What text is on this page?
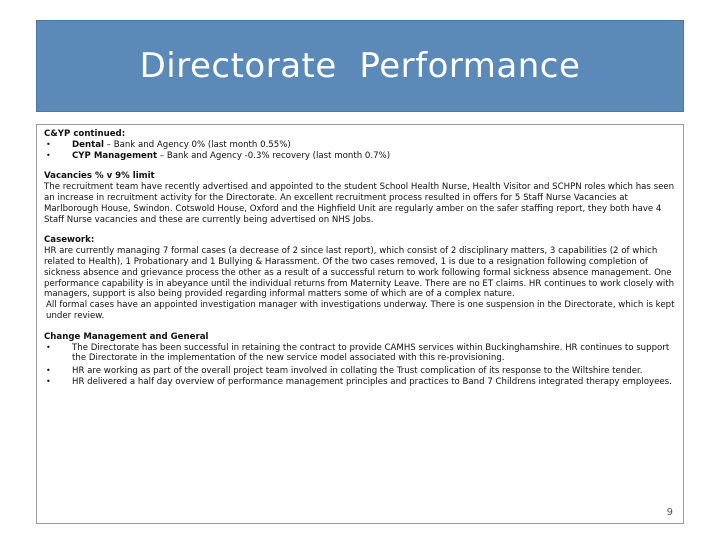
Directorate  Performance
C&YP continued:
• Dental – Bank and Agency 0% (last month 0.55%)
• CYP Management – Bank and Agency -0.3% recovery (last month 0.7%)
Vacancies % v 9% limit

The recruitment team have recently advertised and appointed to the student School Health Nurse, Health Visitor and SCHPN roles which has seen an increase in recruitment activity for the Directorate. An excellent recruitment process resulted in offers for 5 Staff Nurse Vacancies at Marlborough House, Swindon. Cotswold House, Oxford and the Highfield Unit are regularly amber on the safer staffing report, they both have 4 Staff Nurse vacancies and these are currently being advertised on NHS Jobs.

Casework:

HR are currently managing 7 formal cases (a decrease of 2 since last report), which consist of 2 disciplinary matters, 3 capabilities (2 of which related to Health), 1 Probationary and 1 Bullying & Harassment. Of the two cases removed, 1 is due to a resignation following completion of sickness absence and grievance process the other as a result of a successful return to work following formal sickness absence management. One performance capability is in abeyance until the individual returns from Maternity Leave. There are no ET claims. HR continues to work closely with managers, support is also being provided regarding informal matters some of which are of a complex nature.

All formal cases have an appointed investigation manager with investigations underway. There is one suspension in the Directorate, which is kept under review.

Change Management and General
• The Directorate has been successful in retaining the contract to provide CAMHS services within Buckinghamshire. HR continues to support the Directorate in the implementation of the new service model associated with this re-provisioning.
• HR are working as part of the overall project team involved in collating the Trust complication of its response to the Wiltshire tender.
• HR delivered a half day overview of performance management principles and practices to Band 7 Childrens integrated therapy employees.
9
